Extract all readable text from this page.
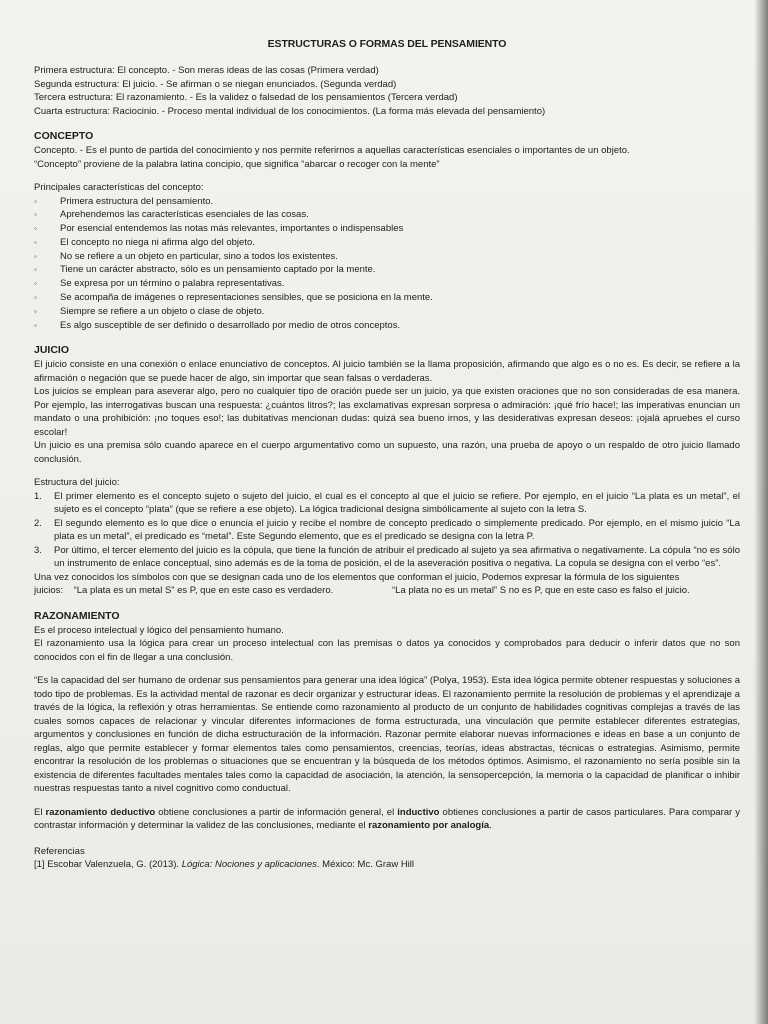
ESTRUCTURAS O FORMAS DEL PENSAMIENTO

Primera estructura: El concepto. - Son meras ideas de las cosas (Primera verdad)

Segunda estructura: El juicio. - Se afirman o se niegan enunciados. (Segunda verdad)

Tercera estructura: El razonamiento. - Es la validez o falsedad de los pensamientos (Tercera verdad)

Cuarta estructura: Raciocinio. - Proceso mental individual de los conocimientos. (La forma más elevada del pensamiento)

CONCEPTO

Concepto. - Es el punto de partida del conocimiento y nos permite referirnos a aquellas características esenciales o importantes de un objeto.

“Concepto” proviene de la palabra latina concipio, que significa “abarcar o recoger con la mente”

Principales características del concepto:

◦	Primera estructura del pensamiento.
◦	Aprehendemos las características esenciales de las cosas.
◦	Por esencial entendemos las notas más relevantes, importantes o indispensables
◦	El concepto no niega ni afirma algo del objeto.
◦	No se refiere a un objeto en particular, sino a todos los existentes.
◦	Tiene un carácter abstracto, sólo es un pensamiento captado por la mente.
◦	Se expresa por un término o palabra representativas.
◦	Se acompaña de imágenes o representaciones sensibles, que se posiciona en la mente.
◦	Siempre se refiere a un objeto o clase de objeto.
◦	Es algo susceptible de ser definido o desarrollado por medio de otros conceptos.
JUICIO

El juicio consiste en una conexión o enlace enunciativo de conceptos. Al juicio también se la llama proposición, afirmando que algo es o no es. Es decir, se refiere a la afirmación o negación que se puede hacer de algo, sin importar que sean falsas o verdaderas.

Los juicios se emplean para aseverar algo, pero no cualquier tipo de oración puede ser un juicio, ya que existen oraciones que no son consideradas de esa manera. Por ejemplo, las interrogativas buscan una respuesta: ¿cuántos litros?; las exclamativas expresan sorpresa o admiración: ¡qué frío hace!; las imperativas enuncian un mandato o una prohibición: ¡no toques eso!; las dubitativas mencionan dudas: quizá sea bueno irnos, y las desiderativas expresan deseos: ¡ojalá apruebes el curso escolar!

Un juicio es una premisa sólo cuando aparece en el cuerpo argumentativo como un supuesto, una razón, una prueba de apoyo o un respaldo de otro juicio llamado conclusión.

Estructura del juicio:

1.	El primer elemento es el concepto sujeto o sujeto del juicio, el cual es el concepto al que el juicio se refiere. Por ejemplo, en el juicio “La plata es un metal”, el sujeto es el concepto “plata” (que se refiere a ese objeto). La lógica tradicional designa simbólicamente al sujeto con la letra S.
2.	El segundo elemento es lo que dice o enuncia el juicio y recibe el nombre de concepto predicado o simplemente predicado. Por ejemplo, en el mismo juicio “La plata es un metal”, el predicado es “metal”. Este Segundo elemento, que es el predicado se designa con la letra P.
3.	Por último, el tercer elemento del juicio es la cópula, que tiene la función de atribuir el predicado al sujeto ya sea afirmativa o negativamente. La cópula “no es sólo un instrumento de enlace conceptual, sino además es de la toma de posición, el de la aseveración positiva o negativa. La copula se designa con el verbo “es”.

Una vez conocidos los símbolos con que se designan cada uno de los elementos que conforman el juicio, Podemos expresar la fórmula de los siguientes

juicios:    “La plata es un metal S” es P, que en este caso es verdadero.	“La plata no es un metal” S no es P, que en este caso es falso el juicio.
RAZONAMIENTO

Es el proceso intelectual y lógico del pensamiento humano.

El razonamiento usa la lógica para crear un proceso intelectual con las premisas o datos ya conocidos y comprobados para deducir o inferir datos que no son conocidos con el fin de llegar a una conclusión.

“Es la capacidad del ser humano de ordenar sus pensamientos para generar una idea lógica” (Polya, 1953). Esta idea lógica permite obtener respuestas y soluciones a todo tipo de problemas. Es la actividad mental de razonar es decir organizar y estructurar ideas. El razonamiento permite la resolución de problemas y el aprendizaje a través de la lógica, la reflexión y otras herramientas. Se entiende como razonamiento al producto de un conjunto de habilidades cognitivas complejas a través de las cuales somos capaces de relacionar y vincular diferentes informaciones de forma estructurada, una vinculación que permite establecer diferentes estrategias, argumentos y conclusiones en función de dicha estructuración de la información. Razonar permite elaborar nuevas informaciones e ideas en base a un conjunto de reglas, algo que permite establecer y formar elementos tales como pensamientos, creencias, teorías, ideas abstractas, técnicas o estrategias. Asimismo, permite encontrar la resolución de los problemas o situaciones que se encuentran y la búsqueda de los métodos óptimos. Asimismo, el razonamiento no sería posible sin la existencia de diferentes facultades mentales tales como la capacidad de asociación, la atención, la sensopercepción, la memoria o la capacidad de planificar o inhibir nuestras respuestas tanto a nivel cognitivo como conductual.

El razonamiento deductivo obtiene conclusiones a partir de información general, el inductivo obtienes conclusiones a partir de casos particulares. Para comparar y contrastar información y determinar la validez de las conclusiones, mediante el razonamiento por analogía.

Referencias

[1] Escobar Valenzuela, G. (2013). Lógica: Nociones y aplicaciones. México: Mc. Graw Hill
